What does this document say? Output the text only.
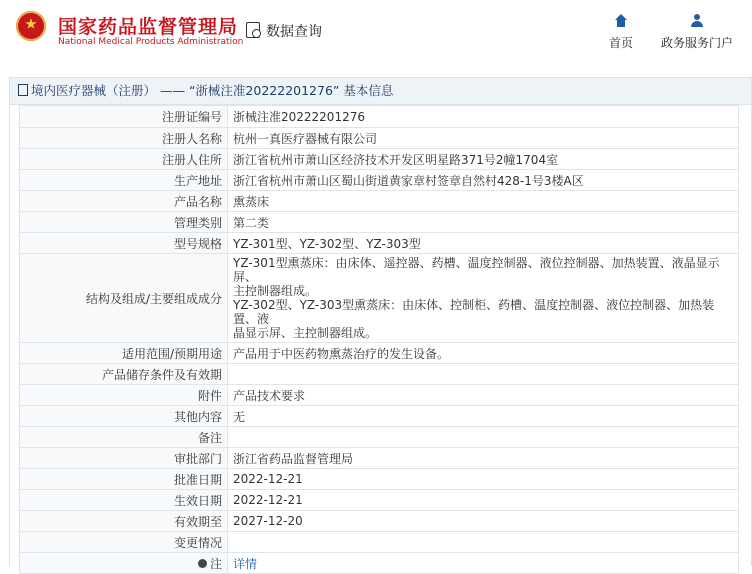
国家药品监督管理局
National Medical Products Administration
数据查询
首页	政务服务门户
境内医疗器械（注册） —— “浙械注准20222201276” 基本信息
注册证编号	浙械注准20222201276
注册人名称	杭州一真医疗器械有限公司
注册人住所	浙江省杭州市萧山区经济技术开发区明星路371号2幢1704室
生产地址	浙江省杭州市萧山区蜀山街道黄家章村签章自然村428-1号3楼A区
产品名称	熏蒸床
管理类别	第二类
型号规格	YZ-301型、YZ-302型、YZ-303型
结构及组成/主要组成成分	YZ-301型熏蒸床：由床体、遥控器、药槽、温度控制器、液位控制器、加热装置、液晶显示屏、
主控制器组成。
YZ-302型、YZ-303型熏蒸床：由床体、控制柜、药槽、温度控制器、液位控制器、加热装置、液
晶显示屏、主控制器组成。

适用范围/预期用途	产品用于中医药物熏蒸治疗的发生设备。
产品储存条件及有效期	
附件	产品技术要求
其他内容	无
备注	
审批部门	浙江省药品监督管理局
批准日期	2022-12-21
生效日期	2022-12-21
有效期至	2027-12-20
变更情况	
注	详情
